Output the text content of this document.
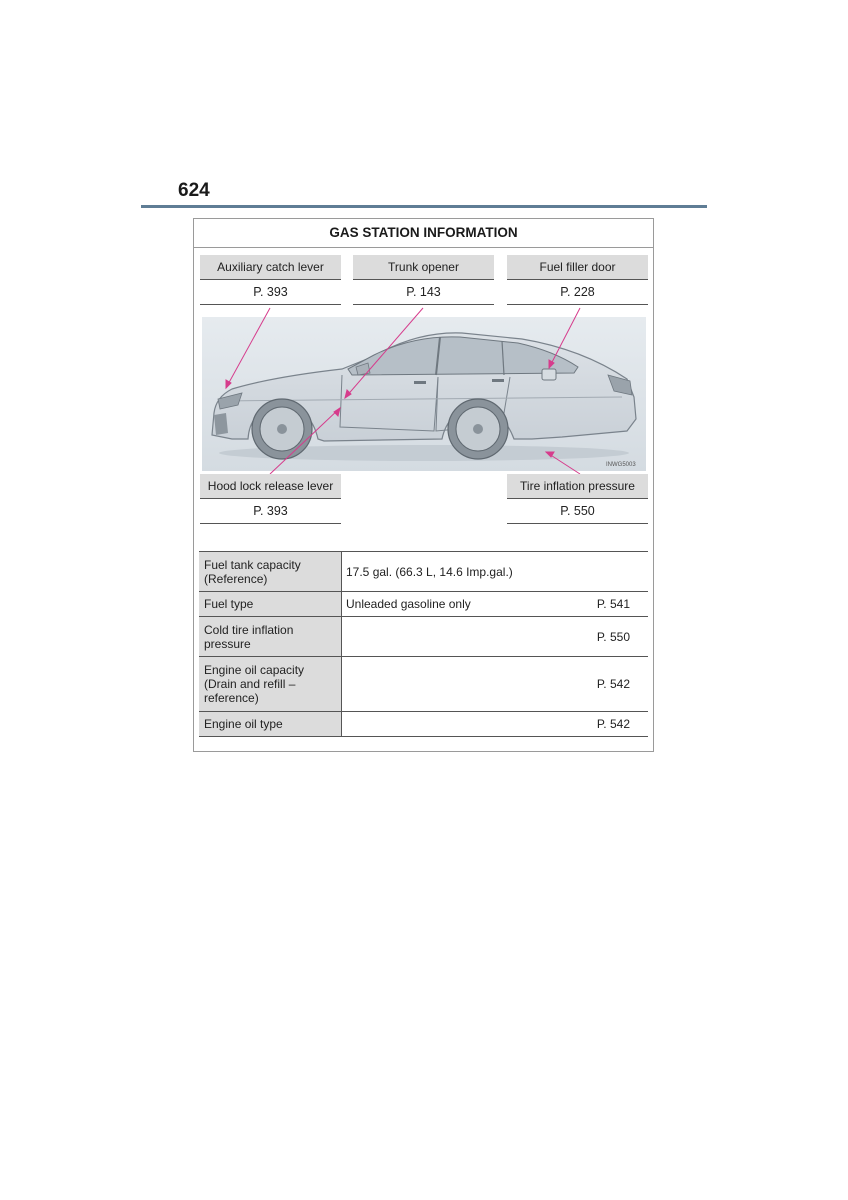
624
GAS STATION INFORMATION
Auxiliary catch lever
P. 393
Trunk opener
P. 143
Fuel filler door
P. 228
INWG5003
Hood lock release lever
P. 393
Tire inflation pressure
P. 550
Fuel tank capacity (Reference)	17.5 gal. (66.3 L, 14.6 Imp.gal.)	
Fuel type	Unleaded gasoline only	P. 541
Cold tire inflation pressure		P. 550
Engine oil capacity (Drain and refill – reference)		P. 542
Engine oil type		P. 542
